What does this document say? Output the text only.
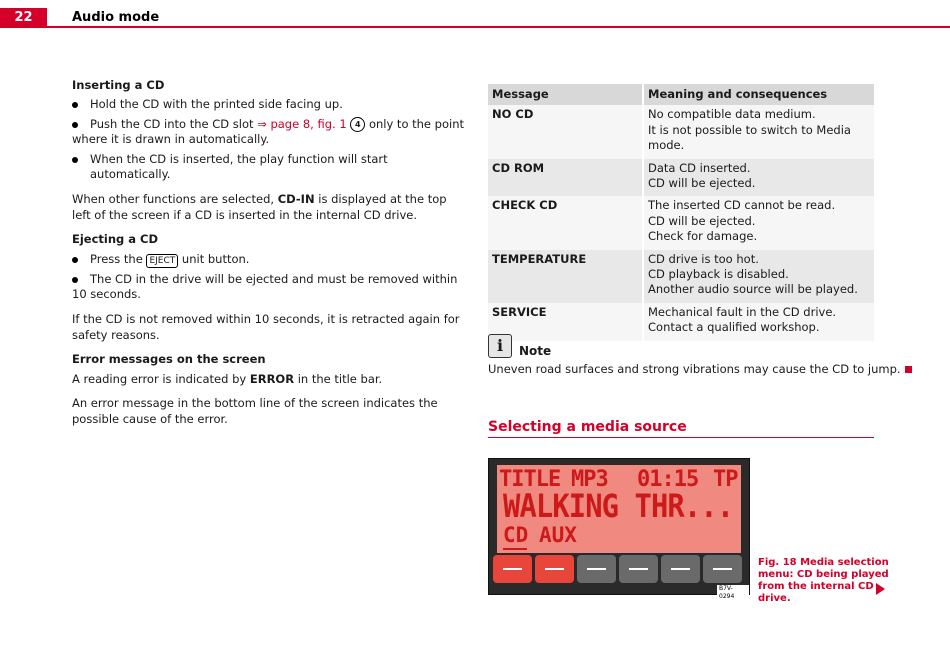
22	Audio mode
Inserting a CD
Hold the CD with the printed side facing up.
Push the CD into the CD slot ⇒ page 8, fig. 1 4 only to the point where it is drawn in automatically.
When the CD is inserted, the play function will start automatically.
When other functions are selected, CD-IN is displayed at the top left of the screen if a CD is inserted in the internal CD drive.
Ejecting a CD
Press the EJECT unit button.
The CD in the drive will be ejected and must be removed within 10 seconds.
If the CD is not removed within 10 seconds, it is retracted again for safety reasons.
Error messages on the screen
A reading error is indicated by ERROR in the title bar.
An error message in the bottom line of the screen indicates the possible cause of the error.
Message	Meaning and consequences
NO CD	No compatible data medium.
It is not possible to switch to Media mode.

CD ROM	Data CD inserted.
CD will be ejected.

CHECK CD	The inserted CD cannot be read.
CD will be ejected.
Check for damage.

TEMPERATURE	CD drive is too hot.
CD playback is disabled.
Another audio source will be played.

SERVICE	Mechanical fault in the CD drive.
Contact a qualified workshop.
i	Note
Uneven road surfaces and strong vibrations may cause the CD to jump.
Selecting a media source
TITLE MP3 01:15 TP
WALKING THR...
CD AUX
B7V-0294
Fig. 18 Media selection menu: CD being played from the internal CD drive.
